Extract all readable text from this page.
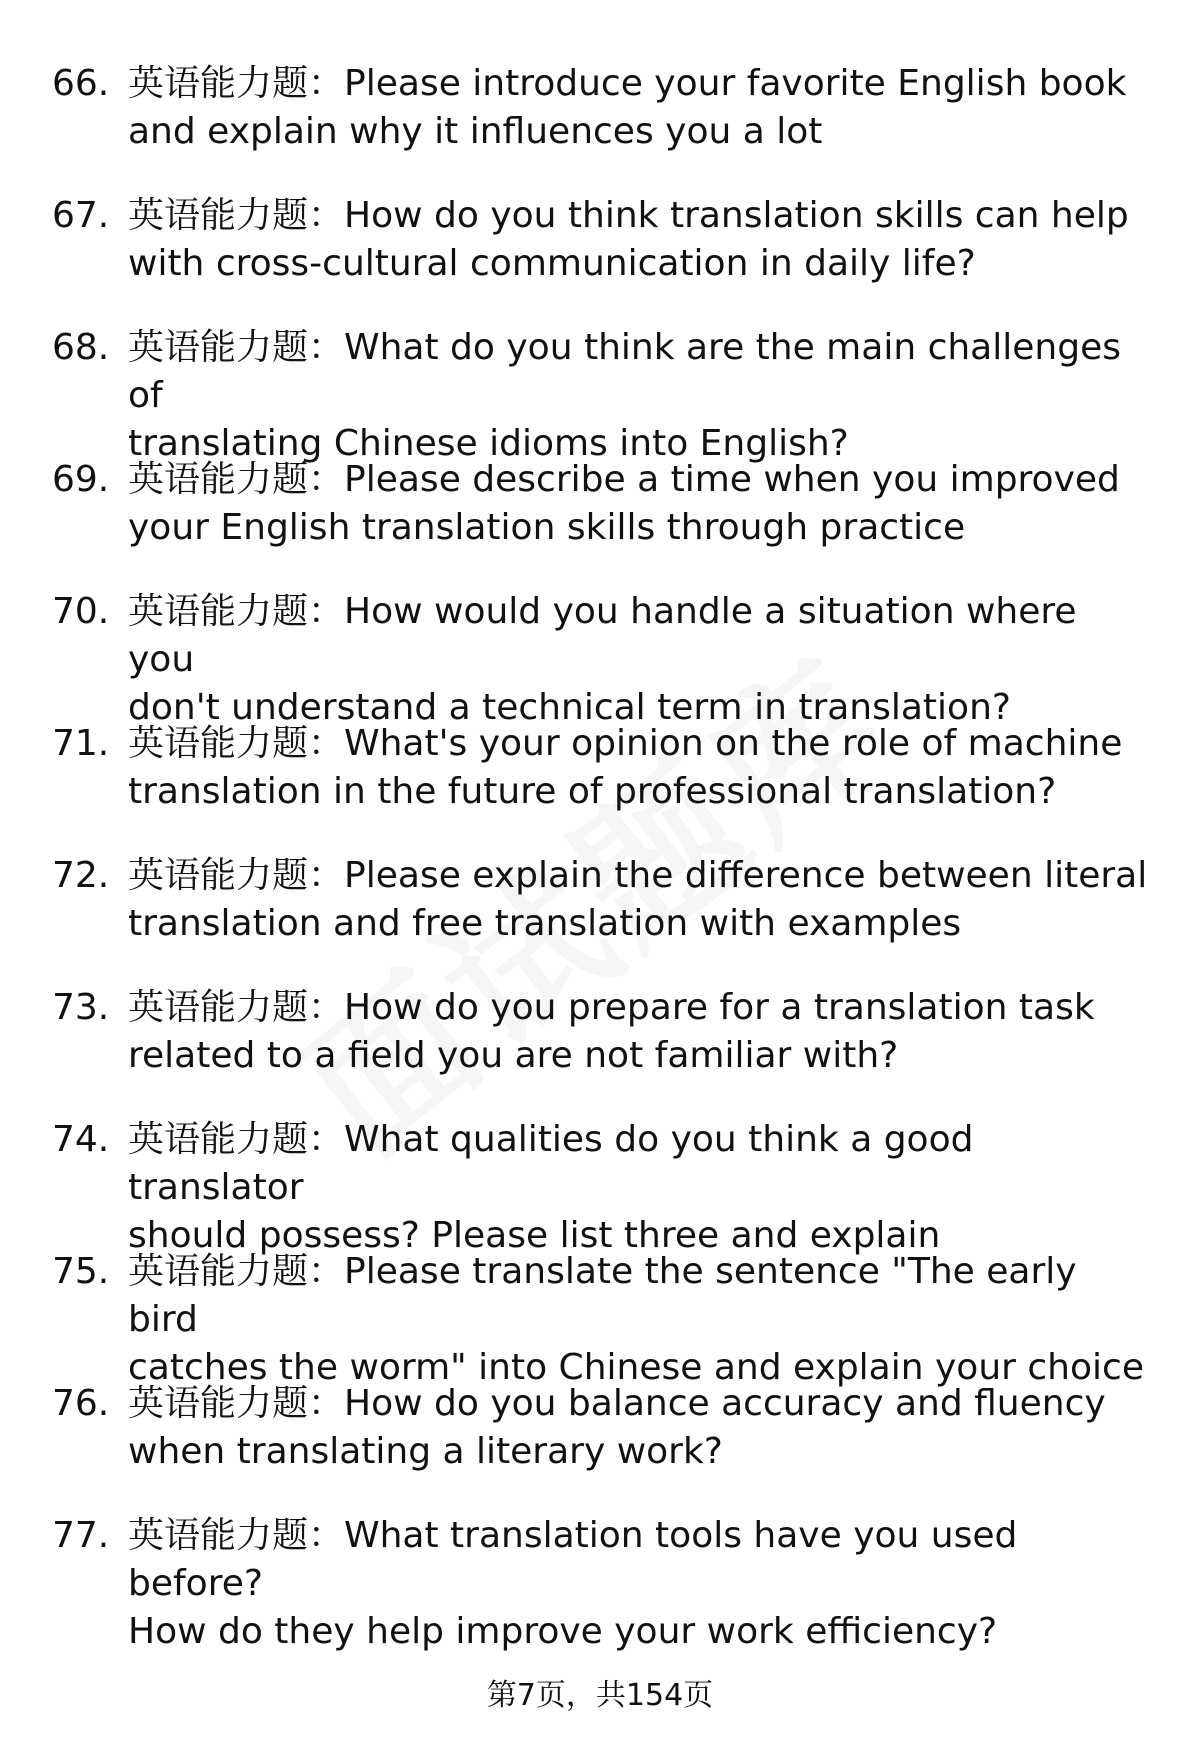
66. 英语能力题：Please introduce your favorite English book
and explain why it influences you a lot
67. 英语能力题：How do you think translation skills can help
with cross-cultural communication in daily life?
68. 英语能力题：What do you think are the main challenges of
translating Chinese idioms into English?
69. 英语能力题：Please describe a time when you improved
your English translation skills through practice
70. 英语能力题：How would you handle a situation where you
don't understand a technical term in translation?
71. 英语能力题：What's your opinion on the role of machine
translation in the future of professional translation?
72. 英语能力题：Please explain the difference between literal
translation and free translation with examples
73. 英语能力题：How do you prepare for a translation task
related to a field you are not familiar with?
74. 英语能力题：What qualities do you think a good translator
should possess? Please list three and explain
75. 英语能力题：Please translate the sentence "The early bird
catches the worm" into Chinese and explain your choice
76. 英语能力题：How do you balance accuracy and fluency
when translating a literary work?
77. 英语能力题：What translation tools have you used before?
How do they help improve your work efficiency?
第7页，共154页
